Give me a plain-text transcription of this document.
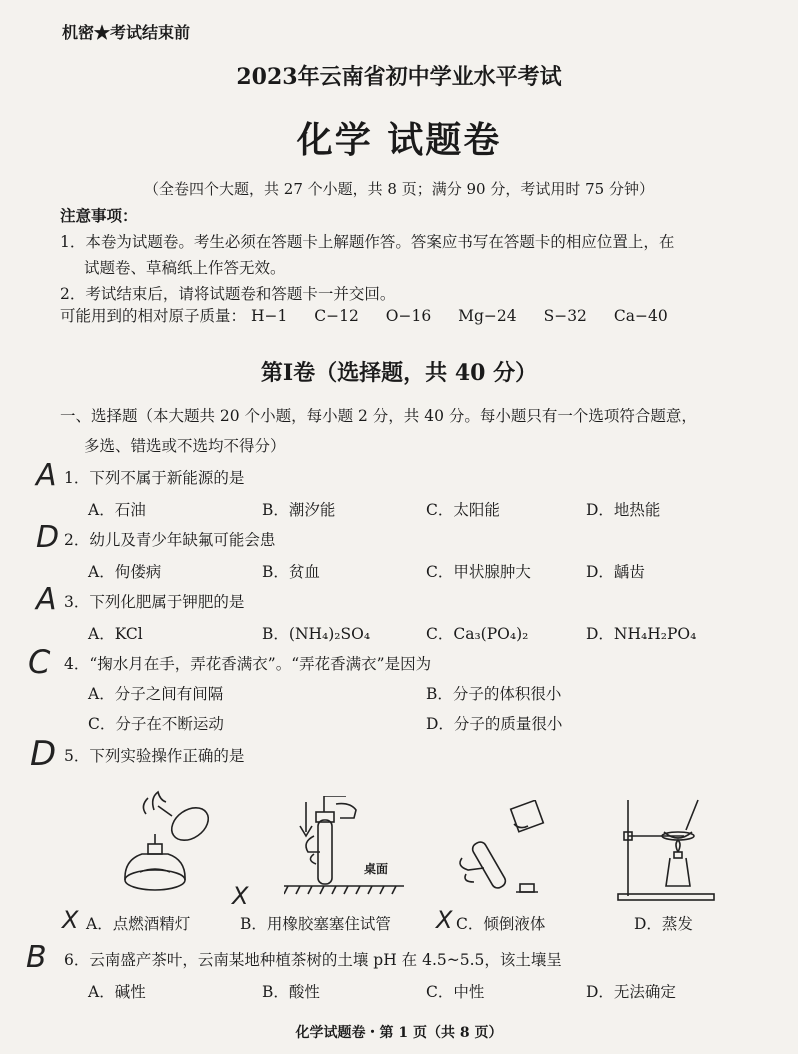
机密★考试结束前
2023年云南省初中学业水平考试
化学 试题卷
（全卷四个大题，共 27 个小题，共 8 页；满分 90 分，考试用时 75 分钟）
注意事项：
1．本卷为试题卷。考生必须在答题卡上解题作答。答案应书写在答题卡的相应位置上，在
试题卷、草稿纸上作答无效。
2．考试结束后，请将试题卷和答题卡一并交回。
可能用到的相对原子质量： H−1 C−12 O−16 Mg−24 S−32 Ca−40
第Ⅰ卷（选择题，共 40 分）
一、选择题（本大题共 20 个小题，每小题 2 分，共 40 分。每小题只有一个选项符合题意，
多选、错选或不选均不得分）
A 1．下列不属于新能源的是
A．石油	B．潮汐能	C．太阳能	D．地热能
D 2．幼儿及青少年缺氟可能会患
A．佝偻病	B．贫血	C．甲状腺肿大	D．龋齿
A 3．下列化肥属于钾肥的是
A．KCl	B．(NH₄)₂SO₄	C．Ca₃(PO₄)₂	D．NH₄H₂PO₄
C 4．“掬水月在手，弄花香满衣”。“弄花香满衣”是因为
A．分子之间有间隔	B．分子的体积很小
C．分子在不断运动	D．分子的质量很小
D 5．下列实验操作正确的是
桌面
X A．点燃酒精灯
X
B．用橡胶塞塞住试管 X C．倾倒液体	D．蒸发
B 6．云南盛产茶叶，云南某地种植茶树的土壤 pH 在 4.5~5.5，该土壤呈
A．碱性	B．酸性	C．中性	D．无法确定
化学试题卷・第 1 页（共 8 页）
